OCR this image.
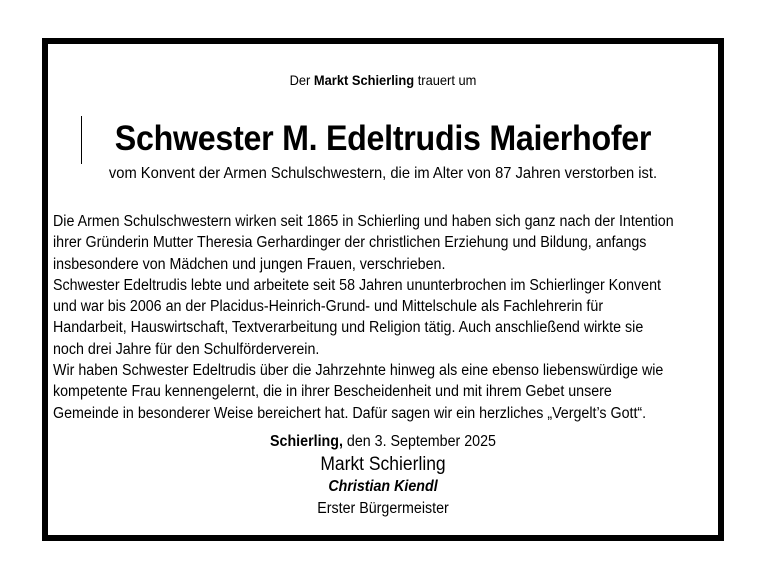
Der Markt Schierling trauert um
Schwester M. Edeltrudis Maierhofer
vom Konvent der Armen Schulschwestern, die im Alter von 87 Jahren verstorben ist.

Die Armen Schulschwestern wirken seit 1865 in Schierling und haben sich ganz nach der Intention
ihrer Gründerin Mutter Theresia Gerhardinger der christlichen Erziehung und Bildung, anfangs
insbesondere von Mädchen und jungen Frauen, verschrieben.

Schwester Edeltrudis lebte und arbeitete seit 58 Jahren ununterbrochen im Schierlinger Konvent
und war bis 2006 an der Placidus-Heinrich-Grund- und Mittelschule als Fachlehrerin für
Handarbeit, Hauswirtschaft, Textverarbeitung und Religion tätig. Auch anschließend wirkte sie
noch drei Jahre für den Schulförderverein.

Wir haben Schwester Edeltrudis über die Jahrzehnte hinweg als eine ebenso liebenswürdige wie
kompetente Frau kennengelernt, die in ihrer Bescheidenheit und mit ihrem Gebet unsere
Gemeinde in besonderer Weise bereichert hat. Dafür sagen wir ein herzliches „Vergelt’s Gott“.

Schierling, den 3. September 2025
Markt Schierling
Christian Kiendl
Erster Bürgermeister
